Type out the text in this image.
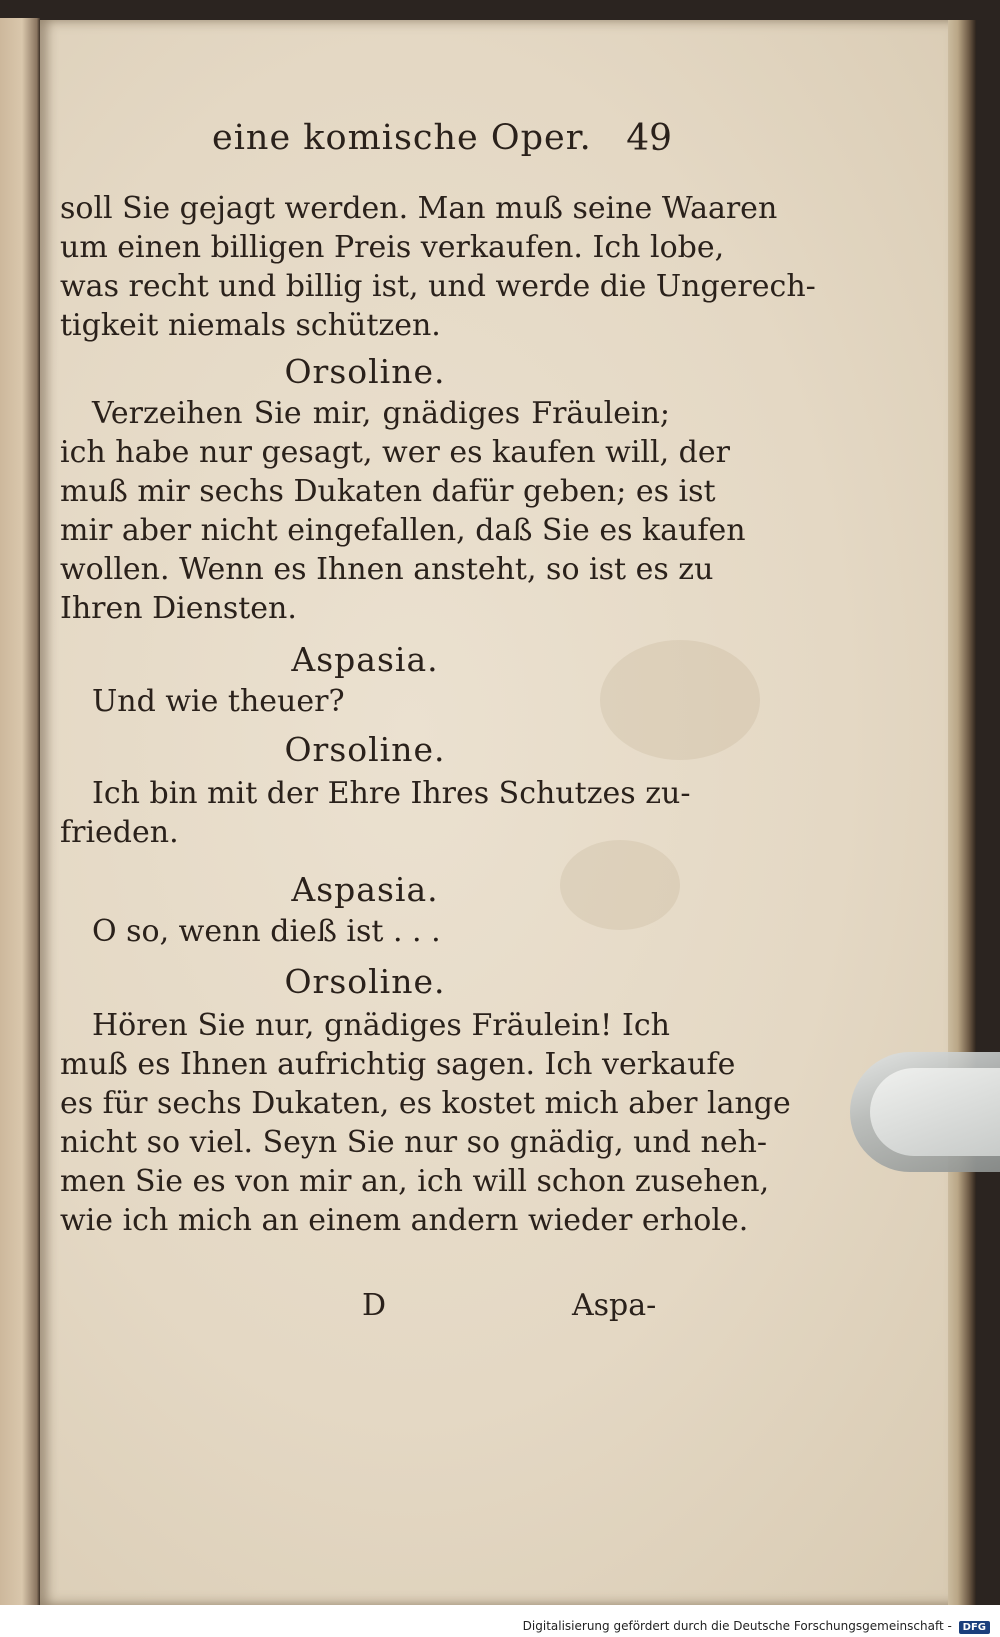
eine komische Oper. 49
soll Sie gejagt werden. Man muß seine Waaren
um einen billigen Preis verkaufen. Ich lobe,
was recht und billig ist, und werde die Ungerech-
tigkeit niemals schützen.
Orsoline.
Verzeihen Sie mir, gnädiges Fräulein;
ich habe nur gesagt, wer es kaufen will, der
muß mir sechs Dukaten dafür geben; es ist
mir aber nicht eingefallen, daß Sie es kaufen
wollen. Wenn es Ihnen ansteht, so ist es zu
Ihren Diensten.
Aspasia.
Und wie theuer?
Orsoline.
Ich bin mit der Ehre Ihres Schutzes zu-
frieden.
Aspasia.
O so, wenn dieß ist . . .
Orsoline.
Hören Sie nur, gnädiges Fräulein! Ich
muß es Ihnen aufrichtig sagen. Ich verkaufe
es für sechs Dukaten, es kostet mich aber lange
nicht so viel. Seyn Sie nur so gnädig, und neh-
men Sie es von mir an, ich will schon zusehen,
wie ich mich an einem andern wieder erhole.
D	Aspa-
Digitalisierung gefördert durch die Deutsche Forschungsgemeinschaft - DFG
